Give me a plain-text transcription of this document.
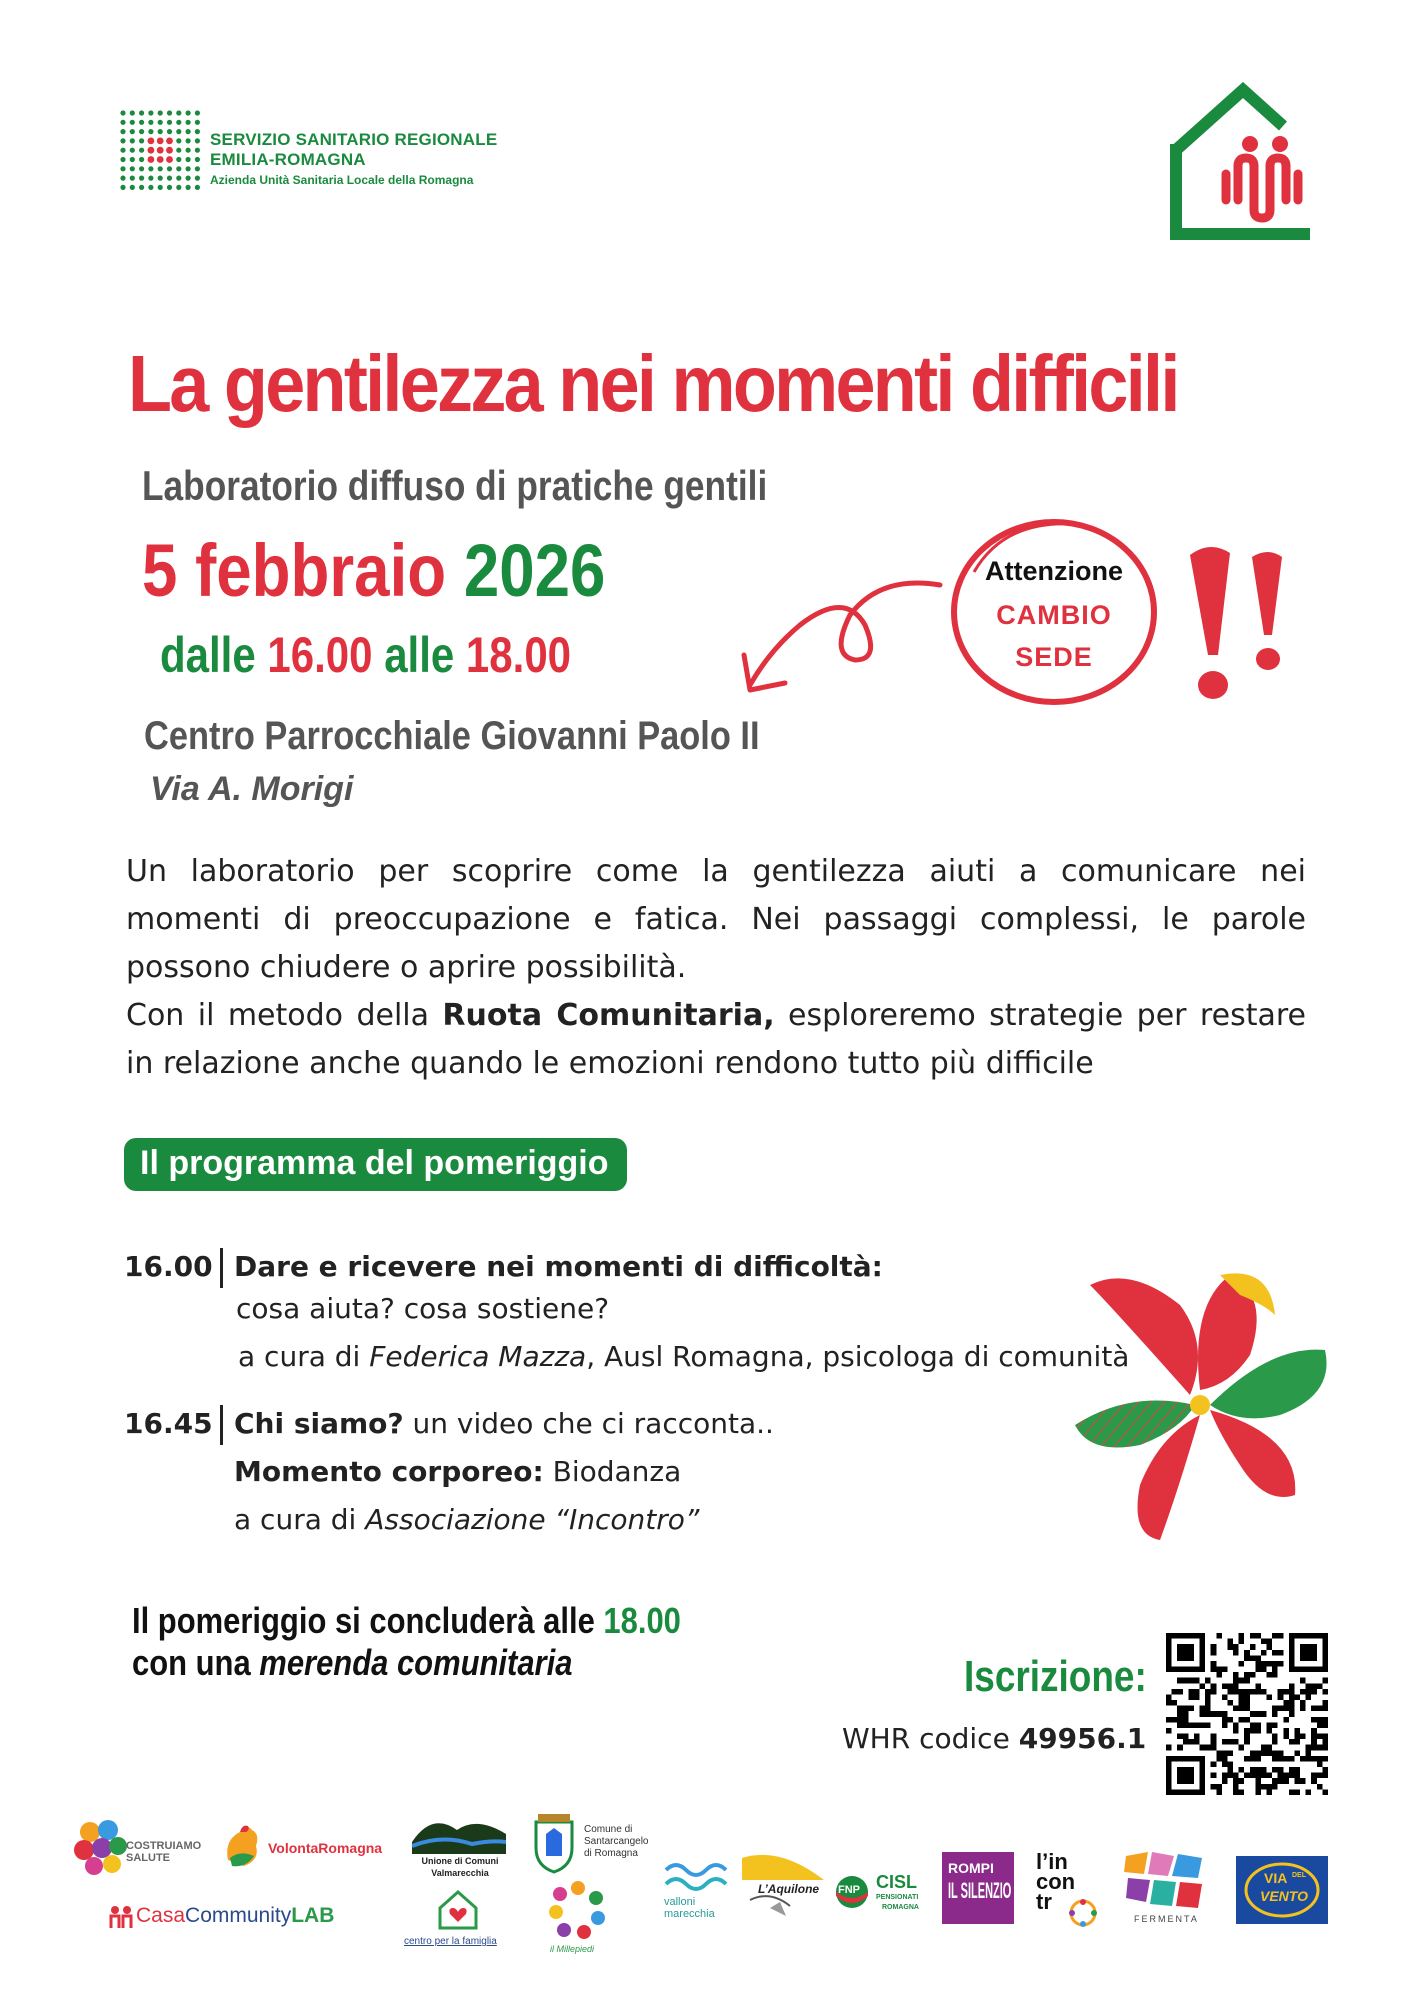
SERVIZIO SANITARIO REGIONALE
EMILIA-ROMAGNA
Azienda Unità Sanitaria Locale della Romagna
La gentilezza nei momenti difficili
Laboratorio diffuso di pratiche gentili
5 febbraio 2026
dalle 16.00 alle 18.00
Centro Parrocchiale Giovanni Paolo II
Via A. Morigi
Attenzione
CAMBIO
SEDE

Un laboratorio per scoprire come la gentilezza aiuti a comunicare nei momenti di preoccupazione e fatica. Nei passaggi complessi, le parole possono chiudere o aprire possibilità.

Con il metodo della Ruota Comunitaria, esploreremo strategie per restare in relazione anche quando le emozioni rendono tutto più difficile

Il programma del pomeriggio
16.00 Dare e ricevere nei momenti di difficoltà:
cosa aiuta? cosa sostiene?
a cura di Federica Mazza, Ausl Romagna, psicologa di comunità
16.45 Chi siamo? un video che ci racconta..
Momento corporeo: Biodanza
a cura di Associazione “Incontro”
Il pomeriggio si concluderà alle 18.00
con una merenda comunitaria	Iscrizione:
WHR codice 49956.1
COSTRUIAMO SALUTE
VolontaRomagna
Unione di Comuni
Valmarecchia
Comune di
Santarcangelo
di Romagna
CasaCommunityLAB
centro per la famiglia
il Millepiedi
valloni
marecchia
L’Aquilone FNP CISL
PENSIONATI
ROMAGNA
ROMPI
IL SILENZIO
l’in
con
tr
FERMENTA
VIA DEL
VENTO
